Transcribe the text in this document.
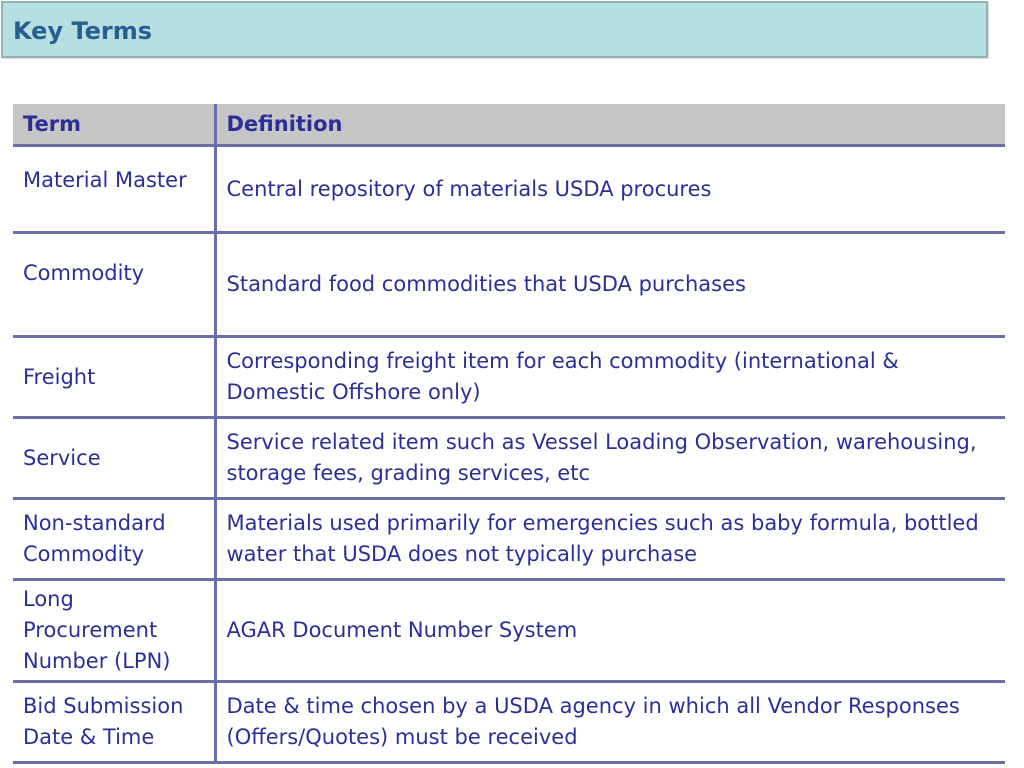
Key Terms
Term	Definition
Material Master	Central repository of materials USDA procures
Commodity	Standard food commodities that USDA purchases
Freight	Corresponding freight item for each commodity (international & Domestic Offshore only)
Service	Service related item such as Vessel Loading Observation, warehousing, storage fees, grading services, etc
Non-standard Commodity	Materials used primarily for emergencies such as baby formula, bottled water that USDA does not typically purchase
Long Procurement Number (LPN)	AGAR Document Number System
Bid Submission Date & Time	Date & time chosen by a USDA agency in which all Vendor Responses (Offers/Quotes) must be received
